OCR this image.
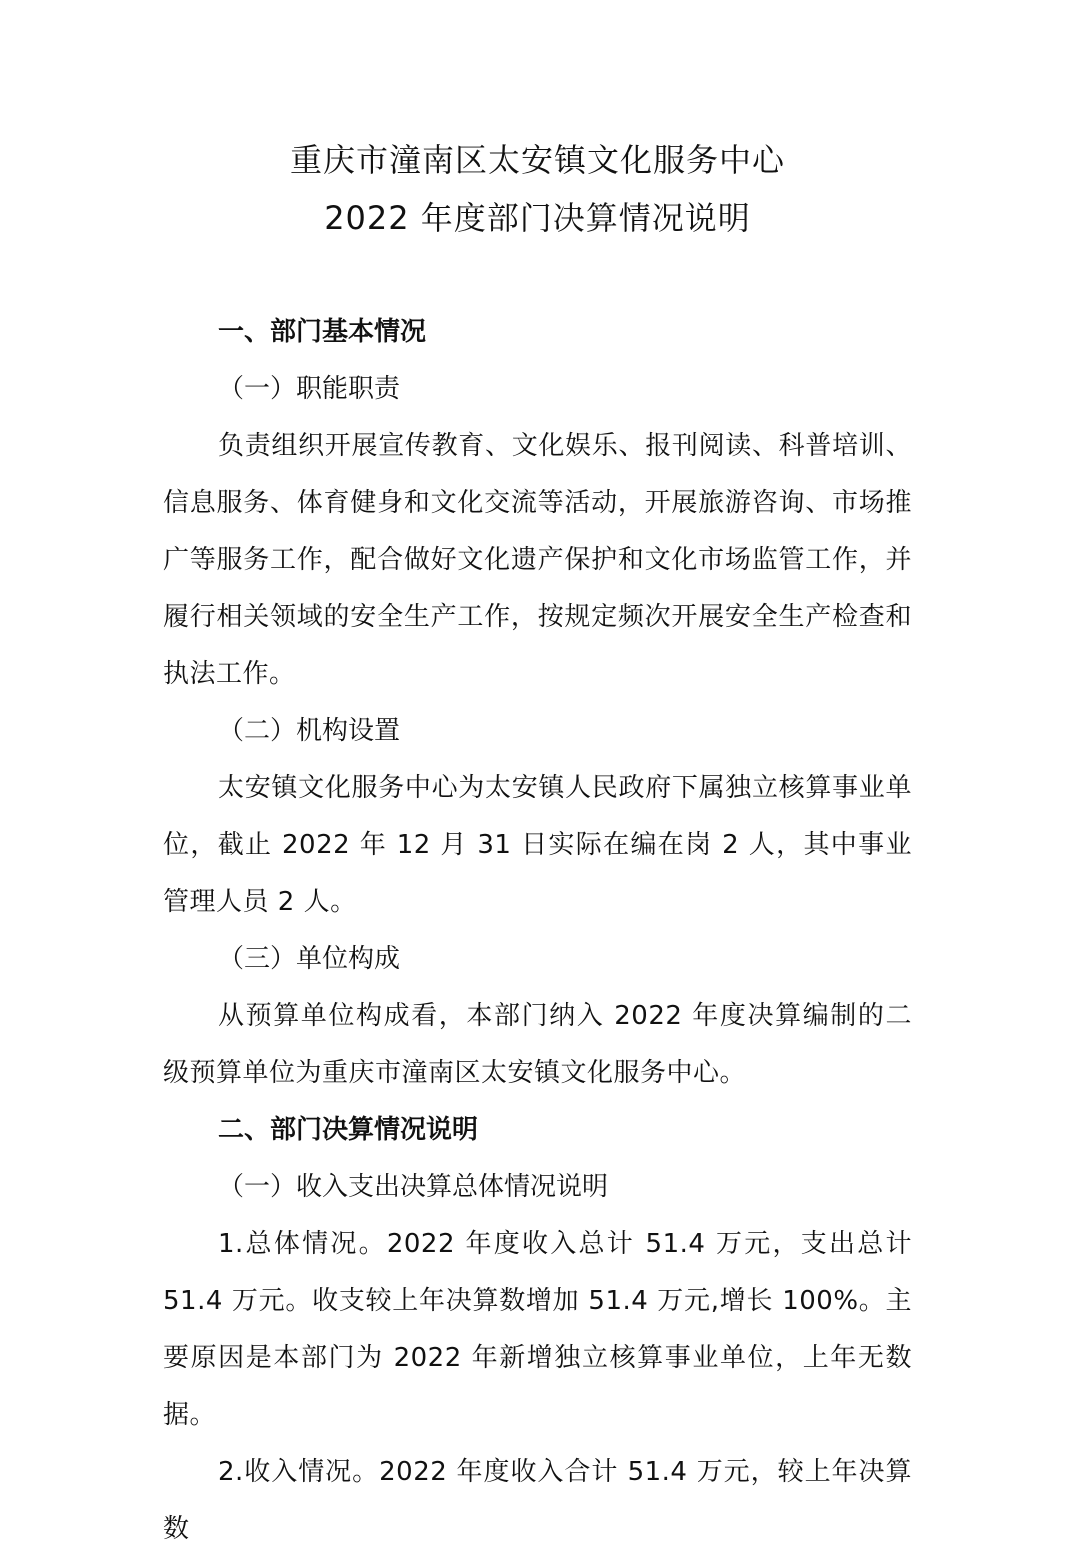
重庆市潼南区太安镇文化服务中心
2022 年度部门决算情况说明
一、部门基本情况
（一）职能职责

负责组织开展宣传教育、文化娱乐、报刊阅读、科普培训、信息服务、体育健身和文化交流等活动，开展旅游咨询、市场推广等服务工作，配合做好文化遗产保护和文化市场监管工作，并履行相关领域的安全生产工作，按规定频次开展安全生产检查和执法工作。

（二）机构设置

太安镇文化服务中心为太安镇人民政府下属独立核算事业单位，截止 2022 年 12 月 31 日实际在编在岗 2 人，其中事业管理人员 2 人。

（三）单位构成

从预算单位构成看，本部门纳入 2022 年度决算编制的二级预算单位为重庆市潼南区太安镇文化服务中心。

二、部门决算情况说明
（一）收入支出决算总体情况说明

1.总体情况。2022 年度收入总计 51.4 万元，支出总计 51.4 万元。收支较上年决算数增加 51.4 万元,增长 100%。主要原因是本部门为 2022 年新增独立核算事业单位，上年无数据。

2.收入情况。2022 年度收入合计 51.4 万元，较上年决算数
